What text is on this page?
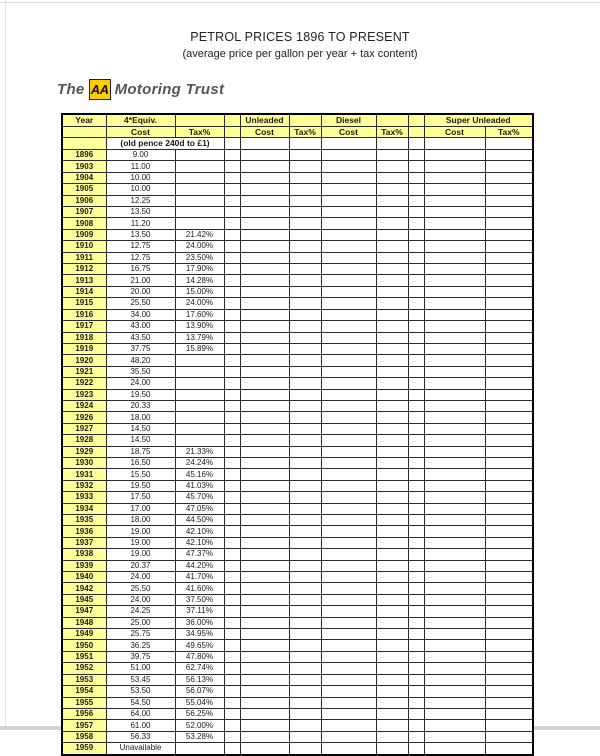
PETROL PRICES 1896 TO PRESENT
(average price per gallon per year + tax content)
The AA Motoring Trust
Year	4*Equiv.			Unleaded		Diesel			Super Unleaded	
	Cost	Tax%		Cost	Tax%	Cost	Tax%		Cost	Tax%
	(old pence 240d to £1)									
1896	9.00									
1903	11.00									
1904	10.00									
1905	10.00									
1906	12.25									
1907	13.50									
1908	11.20									
1909	13.50	21.42%								
1910	12.75	24.00%								
1911	12.75	23.50%								
1912	16.75	17.90%								
1913	21.00	14.28%								
1914	20.00	15.00%								
1915	25.50	24.00%								
1916	34.00	17.60%								
1917	43.00	13.90%								
1918	43.50	13.79%								
1919	37.75	15.89%								
1920	48.20									
1921	35.50									
1922	24.00									
1923	19.50									
1924	20.33									
1926	18.00									
1927	14.50									
1928	14.50									
1929	18.75	21.33%								
1930	16.50	24.24%								
1931	15.50	45.16%								
1932	19.50	41.03%								
1933	17.50	45.70%								
1934	17.00	47.05%								
1935	18.00	44.50%								
1936	19.00	42.10%								
1937	19.00	42.10%								
1938	19.00	47.37%								
1939	20.37	44.20%								
1940	24.00	41.70%								
1942	25.50	41.60%								
1945	24.00	37.50%								
1947	24.25	37.11%								
1948	25.00	36.00%								
1949	25.75	34.95%								
1950	36.25	49.65%								
1951	39.75	47.80%								
1952	51.00	62.74%								
1953	53.45	56.13%								
1954	53.50	56.07%								
1955	54.50	55.04%								
1956	64.00	56.25%								
1957	61.00	52.00%								
1958	56.33	53.28%								
1959	Unavailable									
